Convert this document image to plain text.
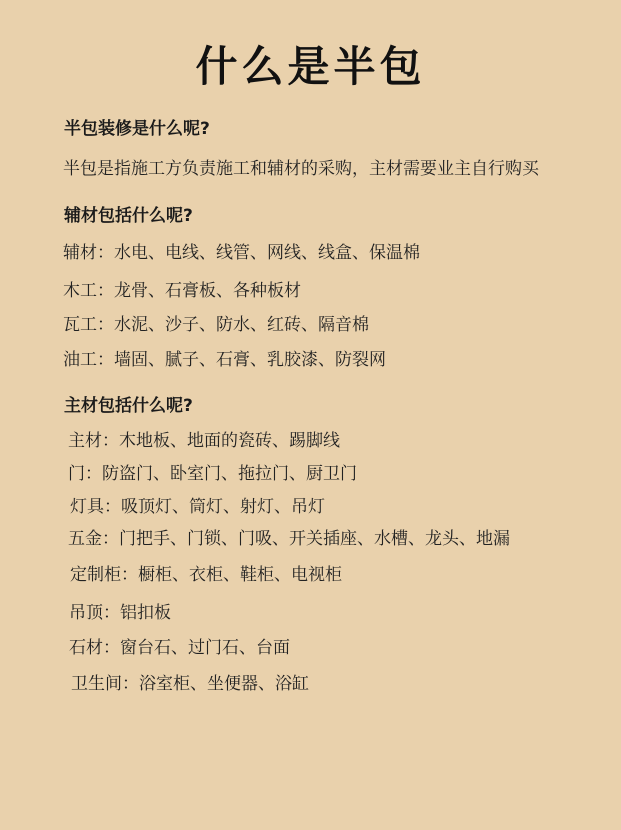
什么是半包
半包装修是什么呢?
半包是指施工方负责施工和辅材的采购，主材需要业主自行购买
辅材包括什么呢?
辅材：水电、电线、线管、网线、线盒、保温棉
木工：龙骨、石膏板、各种板材
瓦工：水泥、沙子、防水、红砖、隔音棉
油工：墙固、腻子、石膏、乳胶漆、防裂网
主材包括什么呢?
主材：木地板、地面的瓷砖、踢脚线
门：防盗门、卧室门、拖拉门、厨卫门
灯具：吸顶灯、筒灯、射灯、吊灯
五金：门把手、门锁、门吸、开关插座、水槽、龙头、地漏
定制柜：橱柜、衣柜、鞋柜、电视柜
吊顶：铝扣板
石材：窗台石、过门石、台面
卫生间：浴室柜、坐便器、浴缸
